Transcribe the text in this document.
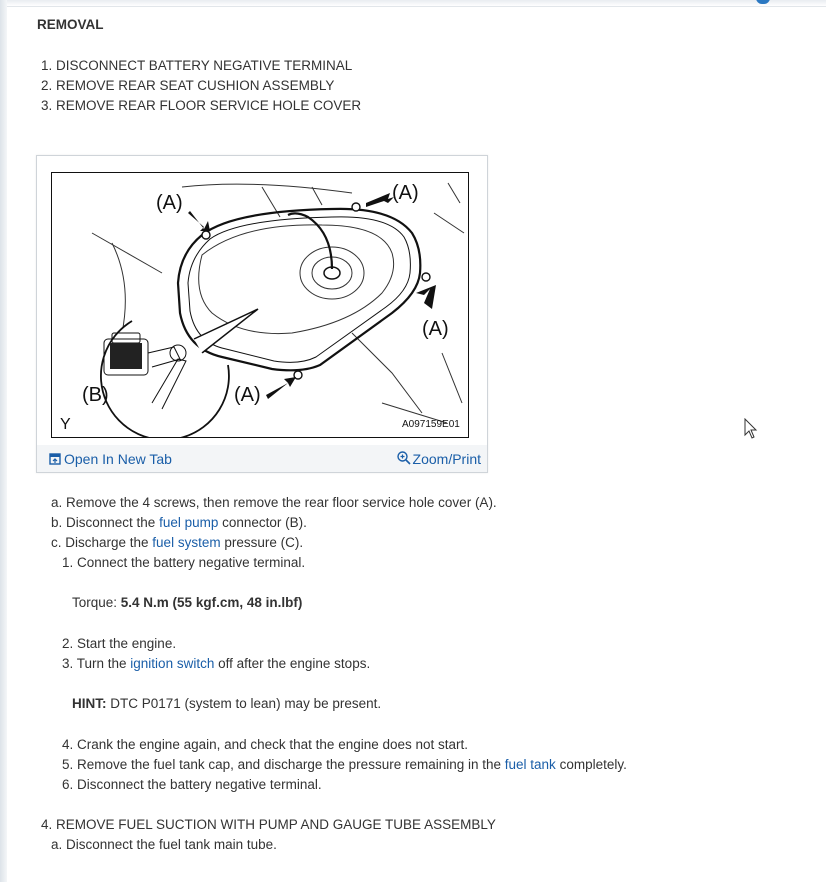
REMOVAL
1. DISCONNECT BATTERY NEGATIVE TERMINAL
2. REMOVE REAR SEAT CUSHION ASSEMBLY
3. REMOVE REAR FLOOR SERVICE HOLE COVER
(A)	(A)
(A)
(A)
(B)
Y	A097159E01
Open In New Tab	Zoom/Print
a. Remove the 4 screws, then remove the rear floor service hole cover (A).
b. Disconnect the fuel pump connector (B).
c. Discharge the fuel system pressure (C).
1. Connect the battery negative terminal.
Torque: 5.4 N.m (55 kgf.cm, 48 in.lbf)
2. Start the engine.
3. Turn the ignition switch off after the engine stops.
HINT: DTC P0171 (system to lean) may be present.
4. Crank the engine again, and check that the engine does not start.
5. Remove the fuel tank cap, and discharge the pressure remaining in the fuel tank completely.
6. Disconnect the battery negative terminal.
4. REMOVE FUEL SUCTION WITH PUMP AND GAUGE TUBE ASSEMBLY
a. Disconnect the fuel tank main tube.
